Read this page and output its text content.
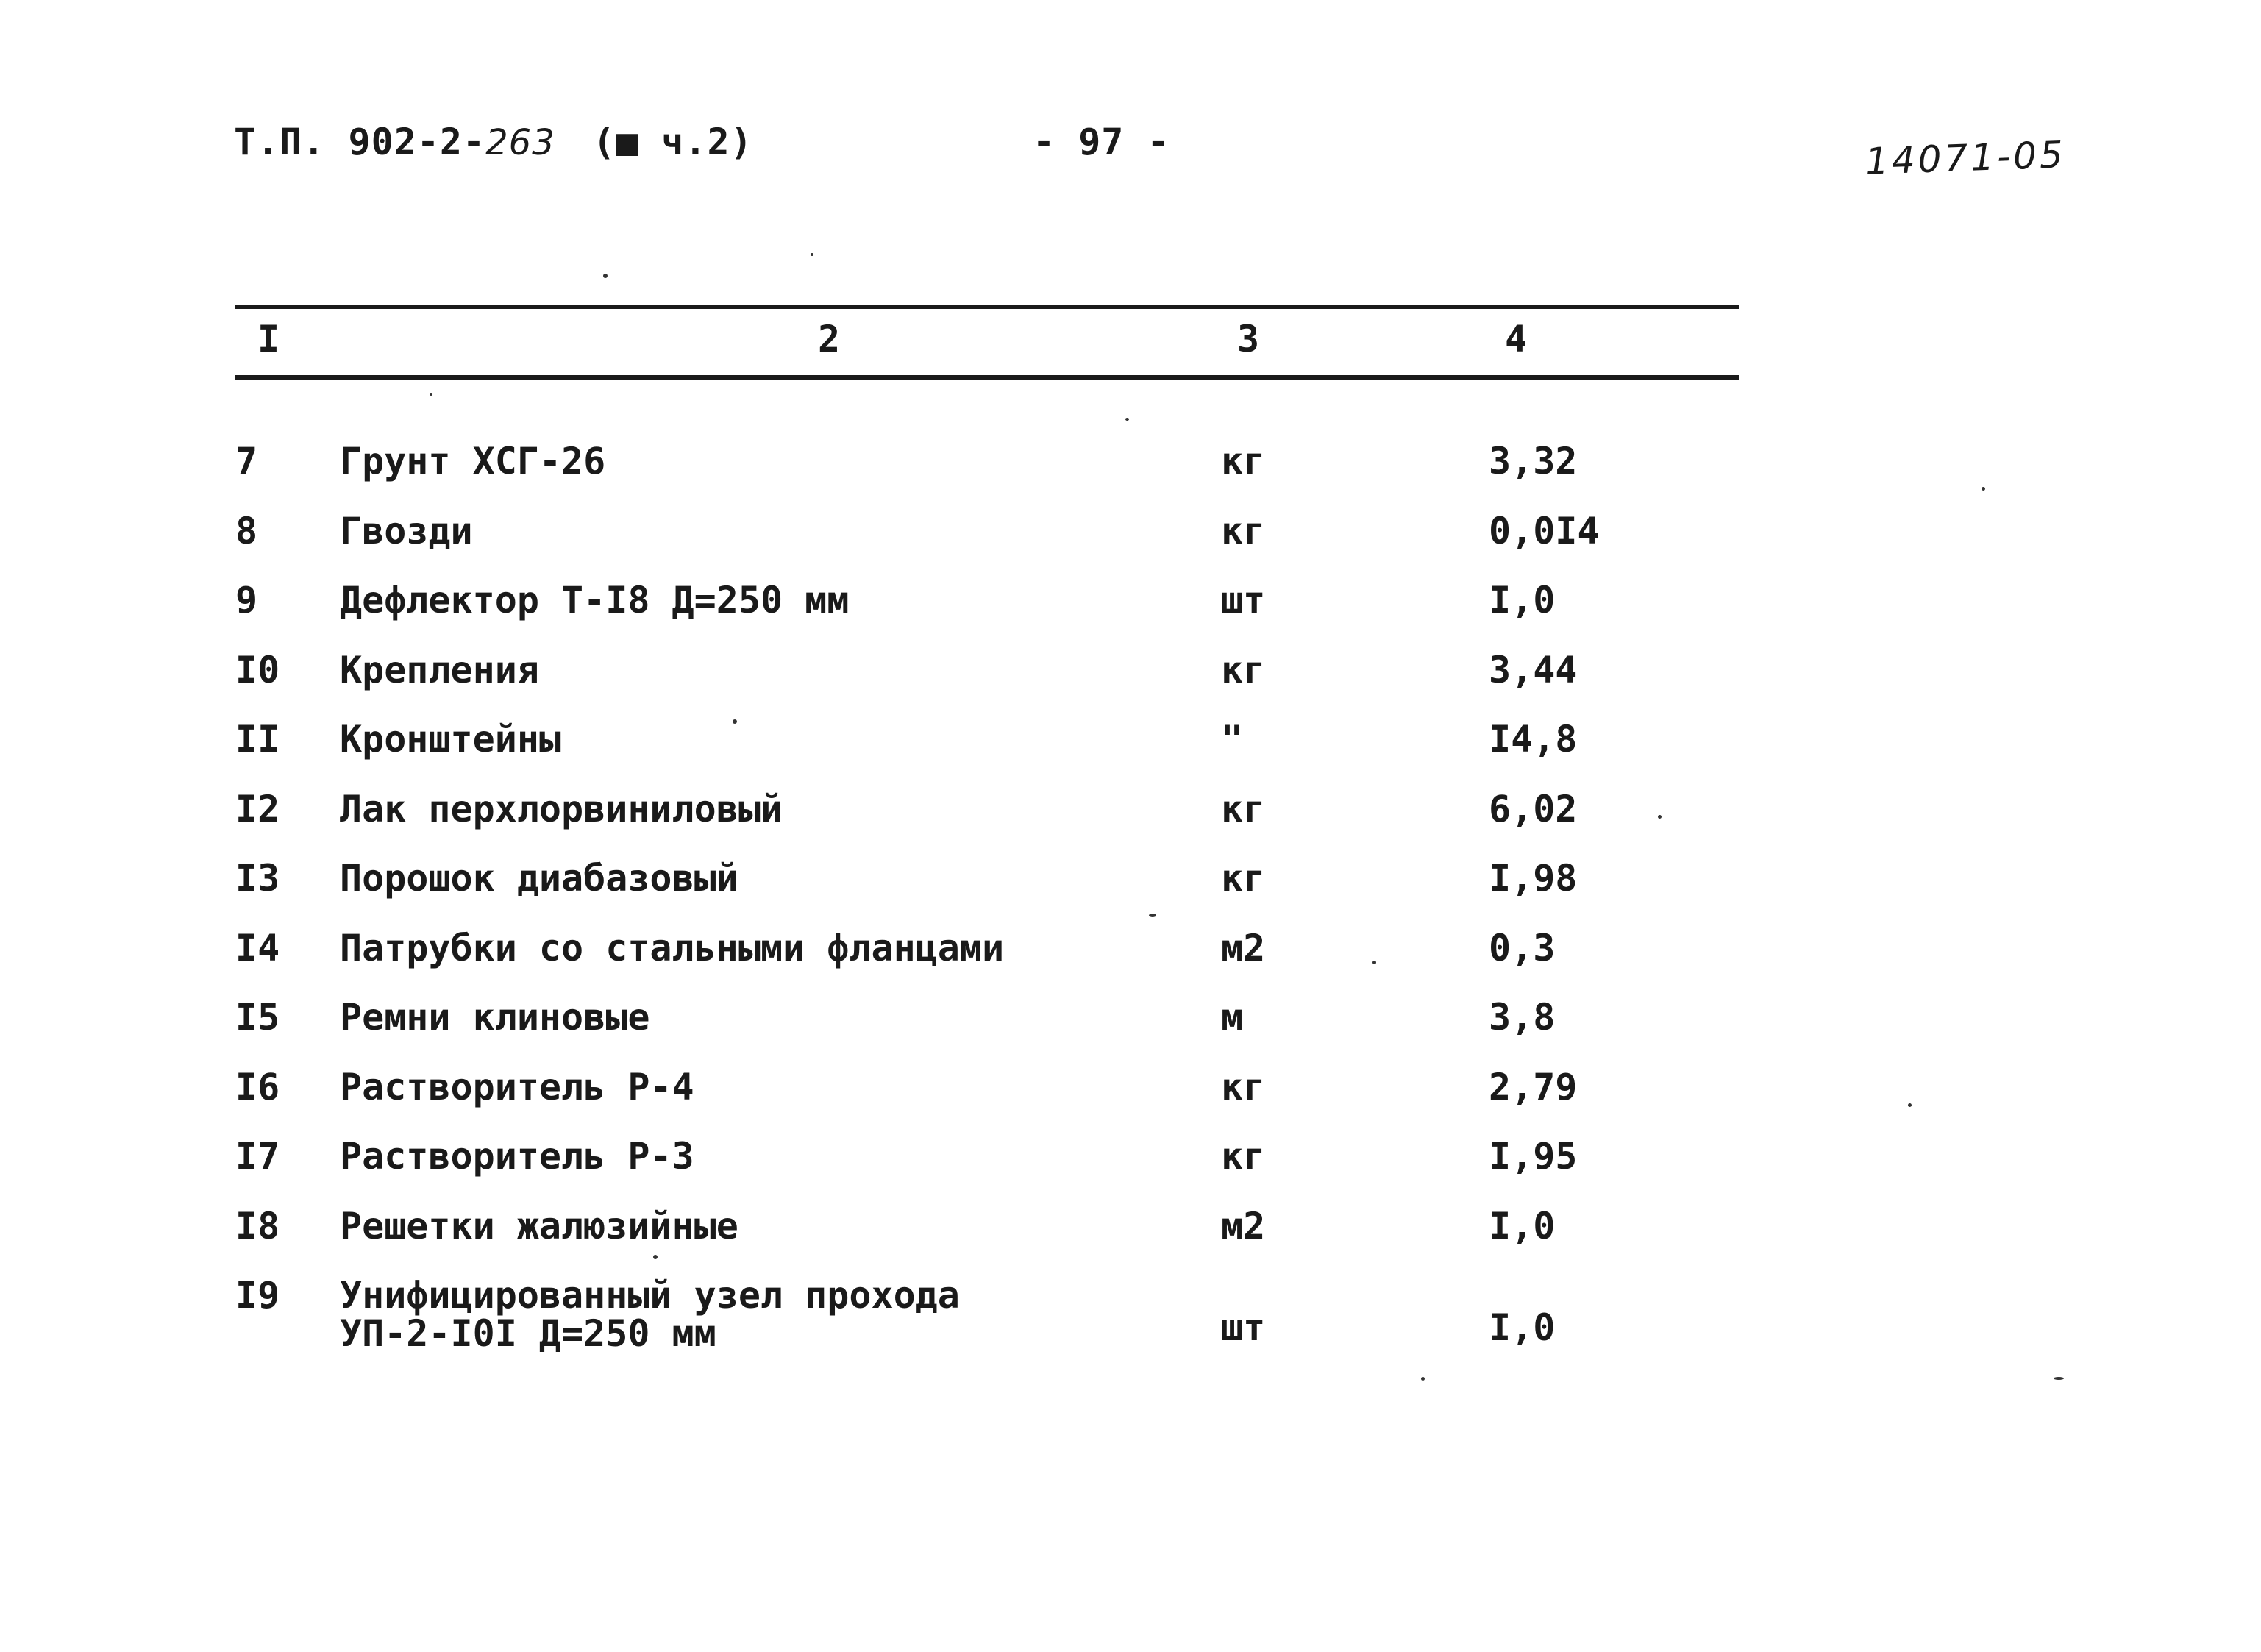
Т.П. 902-2-263 (■ ч.2)	- 97 -	14071-05
I	2	3	4
7	Грунт ХСГ-26	кг	3,32
8	Гвозди	кг	0,0I4
9	Дефлектор Т-I8 Д=250 мм	шт	I,0
I0	Крепления	кг	3,44
II	Кронштейны	"	I4,8
I2	Лак перхлорвиниловый	кг	6,02
I3	Порошок диабазовый	кг	I,98
I4	Патрубки со стальными фланцами	м2	0,3
I5	Ремни клиновые	м	3,8
I6	Растворитель Р-4	кг	2,79
I7	Растворитель Р-3	кг	I,95
I8	Решетки жалюзийные	м2	I,0
I9	Унифицированный узел прохода
УП-2-I0I Д=250 мм	шт	I,0
